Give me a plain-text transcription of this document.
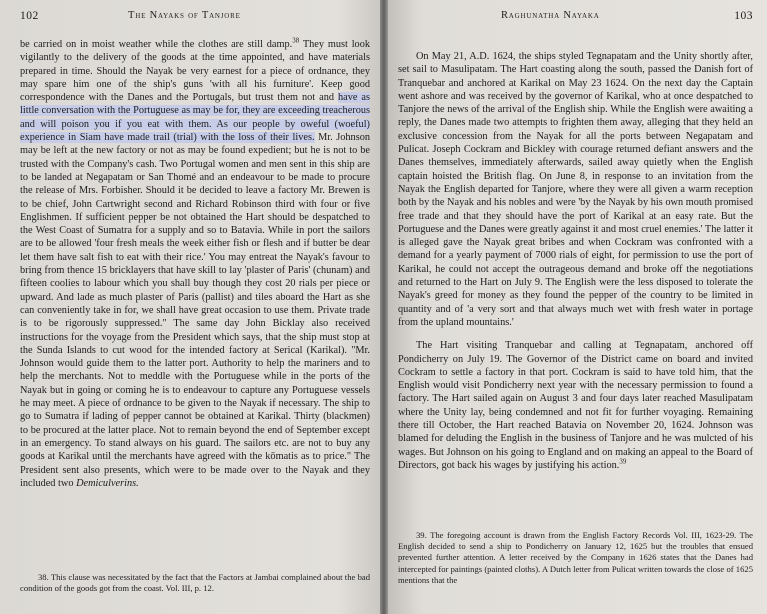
102	The Nayaks of Tanjore

be carried on in moist weather while the clothes are still damp.$^{38}$ They must look vigilantly to the delivery of the goods at the time appointed, and have materials prepared in time. Should the Nayak be very earnest for a piece of ordnance, they may spare him one of the ship's guns 'with all his furniture'. Keep good correspondence with the Danes and the Portugals, but trust them not and have as little conversation with the Portuguese as may be for, they are exceeding treacherous and will poison you if you eat with them. As our people by oweful (woeful) experience in Siam have made trail (trial) with the loss of their lives. Mr. Johnson may be left at the new factory or not as may be found expedient; but he is not to be trusted with the Company's cash. Two Portugal women and men sent in this ship are to be landed at Negapatam or San Thomé and an endeavour to be made to procure the release of Mrs. Forbisher. Should it be decided to leave a factory Mr. Brewen is to be chief, John Cartwright second and Richard Robinson third with four or five Englishmen. If sufficient pepper be not obtained the Hart should be despatched to the West Coast of Sumatra for a supply and so to Batavia. While in port the sailors are to be allowed 'four fresh meals the week either fish or flesh and if butter be dear let them have salt fish to eat with their rice.' You may entreat the Nayak's favour to bring from thence 15 bricklayers that have skill to lay 'plaster of Paris' (chunam) and fifteen coolies to labour which you shall buy though they cost 20 rials per piece or upward. And lade as much plaster of Paris (pallist) and tiles aboard the Hart as she can conveniently take in for, we shall have great occasion to use them. Private trade is to be rigorously suppressed." The same day John Bicklay also received instructions for the voyage from the President which says, that the ship must stop at the Sunda Islands to cut wood for the intended factory at Serical (Karikal). "Mr. Johnson would guide them to the latter port. Authority to help the mariners and to help the merchants. Not to meddle with the Portuguese while in the ports of the Nayak but in going or coming he is to endeavour to capture any Portuguese vessels he may meet. A piece of ordnance to be given to the Nayak if necessary. The ship to go to Sumatra if lading of pepper cannot be obtained at Karikal. Thirty (blackmen) to be procured at the latter place. Not to remain beyond the end of September except in an emergency. To stand always on his guard. The sailors etc. are not to buy any goods at Karikal until the merchants have agreed with the kōmatis as to price." The President sent also presents, which were to be made over to the Nayak and they included two Demiculverins.

38. This clause was necessitated by the fact that the Factors at Jambai complained about the bad condition of the goods got from the coast. Vol. III, p. 12.

Raghunatha Nayaka	103

On May 21, A.D. 1624, the ships styled Tegnapatam and the Unity shortly after, set sail to Masulipatam. The Hart coasting along the south, passed the Danish fort of Tranquebar and anchored at Karikal on May 23 1624. On the next day the Captain went ashore and was received by the governor of Karikal, who at once despatched to Tanjore the news of the arrival of the English ship. While the English were awaiting a reply, the Danes made two attempts to frighten them away, alleging that they held an exclusive concession from the Nayak for all the ports between Negapatam and Pulicat. Joseph Cockram and Bickley with courage returned defiant answers and the Danes themselves, immediately afterwards, sailed away quietly when the English captain hoisted the British flag. On June 8, in response to an invitation from the Nayak the English departed for Tanjore, where they were all given a warm reception both by the Nayak and his nobles and were 'by the Nayak by his own mouth promised free trade and that they should have the port of Karikal at an easy rate. But the Portuguese and the Danes were greatly against it and most cruel enemies.' The latter it is alleged gave the Nayak great bribes and when Cockram was confronted with a demand for a yearly payment of 7000 rials of eight, for permission to use the port of Karikal, he could not accept the outrageous demand and broke off the negotiations and returned to the Hart on July 9. The English were the less disposed to tolerate the Nayak's greed for money as they found the pepper of the country to be limited in quantity and of 'a very sort and that always much wet with fresh water in portage from the upland mountains.'

The Hart visiting Tranquebar and calling at Tegnapatam, anchored off Pondicherry on July 19. The Governor of the District came on board and invited Cockram to settle a factory in that port. Cockram is said to have told him, that the English would visit Pondicherry next year with the necessary permission to found a factory. The Hart sailed again on August 3 and four days later reached Masulipatam where the Unity lay, being condemned and not fit for further voyaging. Remaining there till October, the Hart reached Batavia on November 20, 1624. Johnson was blamed for deluding the English in the business of Tanjore and he was mulcted of his wages. But Johnson on his going to England and on making an appeal to the Board of Directors, got back his wages by justifying his action.$^{39}$

39. The foregoing account is drawn from the English Factory Records Vol. III, 1623-29. The English decided to send a ship to Pondicherry on January 12, 1625 but the troubles that ensued prevented further attention. A letter received by the Company in 1626 states that the Danes had intercepted for paintings (painted cloths). A Dutch letter from Pulicat written towards the close of 1625 mentions that the
